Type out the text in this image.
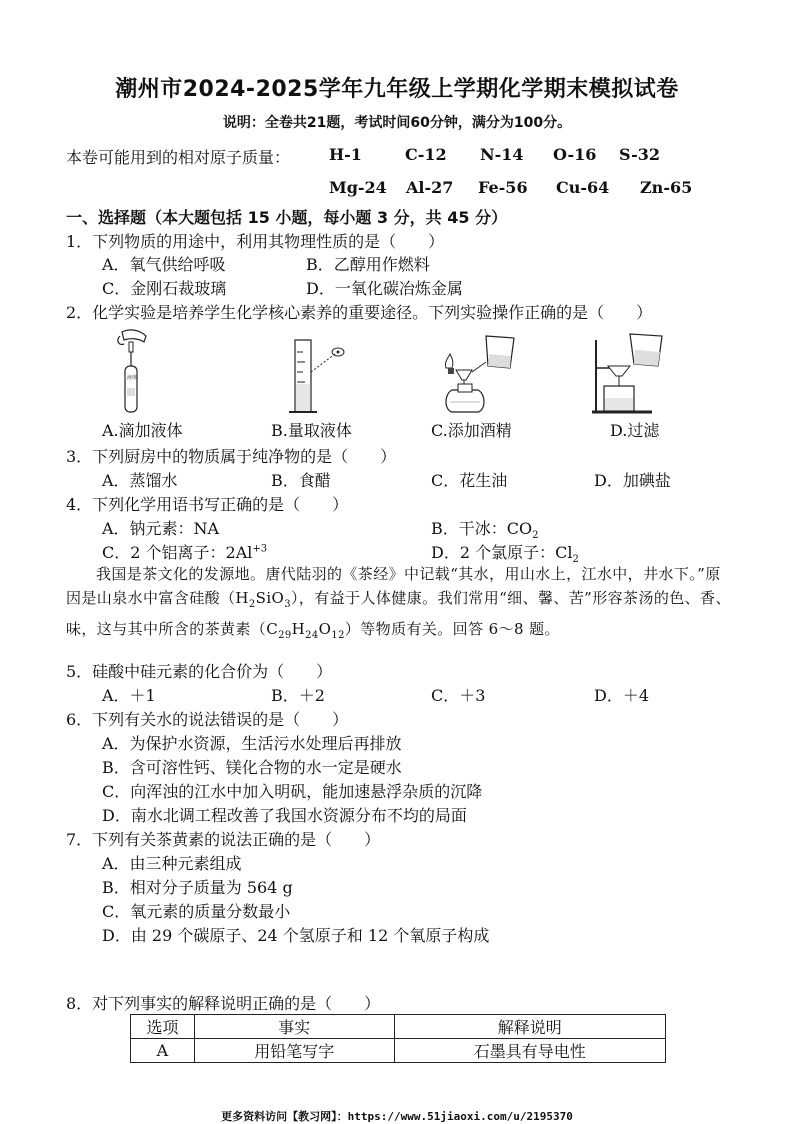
潮州市2024-2025学年九年级上学期化学期末模拟试卷
说明：全卷共21题，考试时间60分钟，满分为100分。
本卷可能用到的相对原子质量： H-1	C-12 N-14 O-16 S-32
Mg-24 Al-27 Fe-56 Cu-64 Zn-65
一、选择题（本大题包括 15 小题，每小题 3 分，共 45 分）
1．下列物质的用途中，利用其物理性质的是（　　）
A．氧气供给呼吸	B．乙醇用作燃料
C．金刚石裁玻璃	D．一氧化碳冶炼金属
2．化学实验是培养学生化学核心素养的重要途径。下列实验操作正确的是（　　）
液体
A.滴加液体	B.量取液体	C.添加酒精	D.过滤
3．下列厨房中的物质属于纯净物的是（　　）
A．蒸馏水	B．食醋	C．花生油	D．加碘盐
4．下列化学用语书写正确的是（　　）
A．钠元素：NA	B．干冰：$CO_2$
C．2 个铝离子：$2Al^{+3}$	D．2 个氯原子：$Cl_2$
我国是茶文化的发源地。唐代陆羽的《茶经》中记载“其水，用山水上，江水中，井水下。”原因是山泉水中富含硅酸$(H_2SiO_3)$，有益于人体健康。我们常用“细、馨、苦”形容茶汤的色、香、味，这与其中所含的茶黄素$(C_{29}H_{24}O_{12})$等物质有关。回答 6～8 题。
5．硅酸中硅元素的化合价为（　　）
A．＋1	B．＋2	C．＋3	D．＋4
6．下列有关水的说法错误的是（　　）
A．为保护水资源，生活污水处理后再排放
B．含可溶性钙、镁化合物的水一定是硬水
C．向浑浊的江水中加入明矾，能加速悬浮杂质的沉降
D．南水北调工程改善了我国水资源分布不均的局面
7．下列有关茶黄素的说法正确的是（　　）
A．由三种元素组成
B．相对分子质量为 564 g
C．氧元素的质量分数最小
D．由 29 个碳原子、24 个氢原子和 12 个氧原子构成
8．对下列事实的解释说明正确的是（　　）
选项	事实	解释说明
A	用铅笔写字	石墨具有导电性
更多资料访问【教习网】：https://www.51jiaoxi.com/u/2195370
